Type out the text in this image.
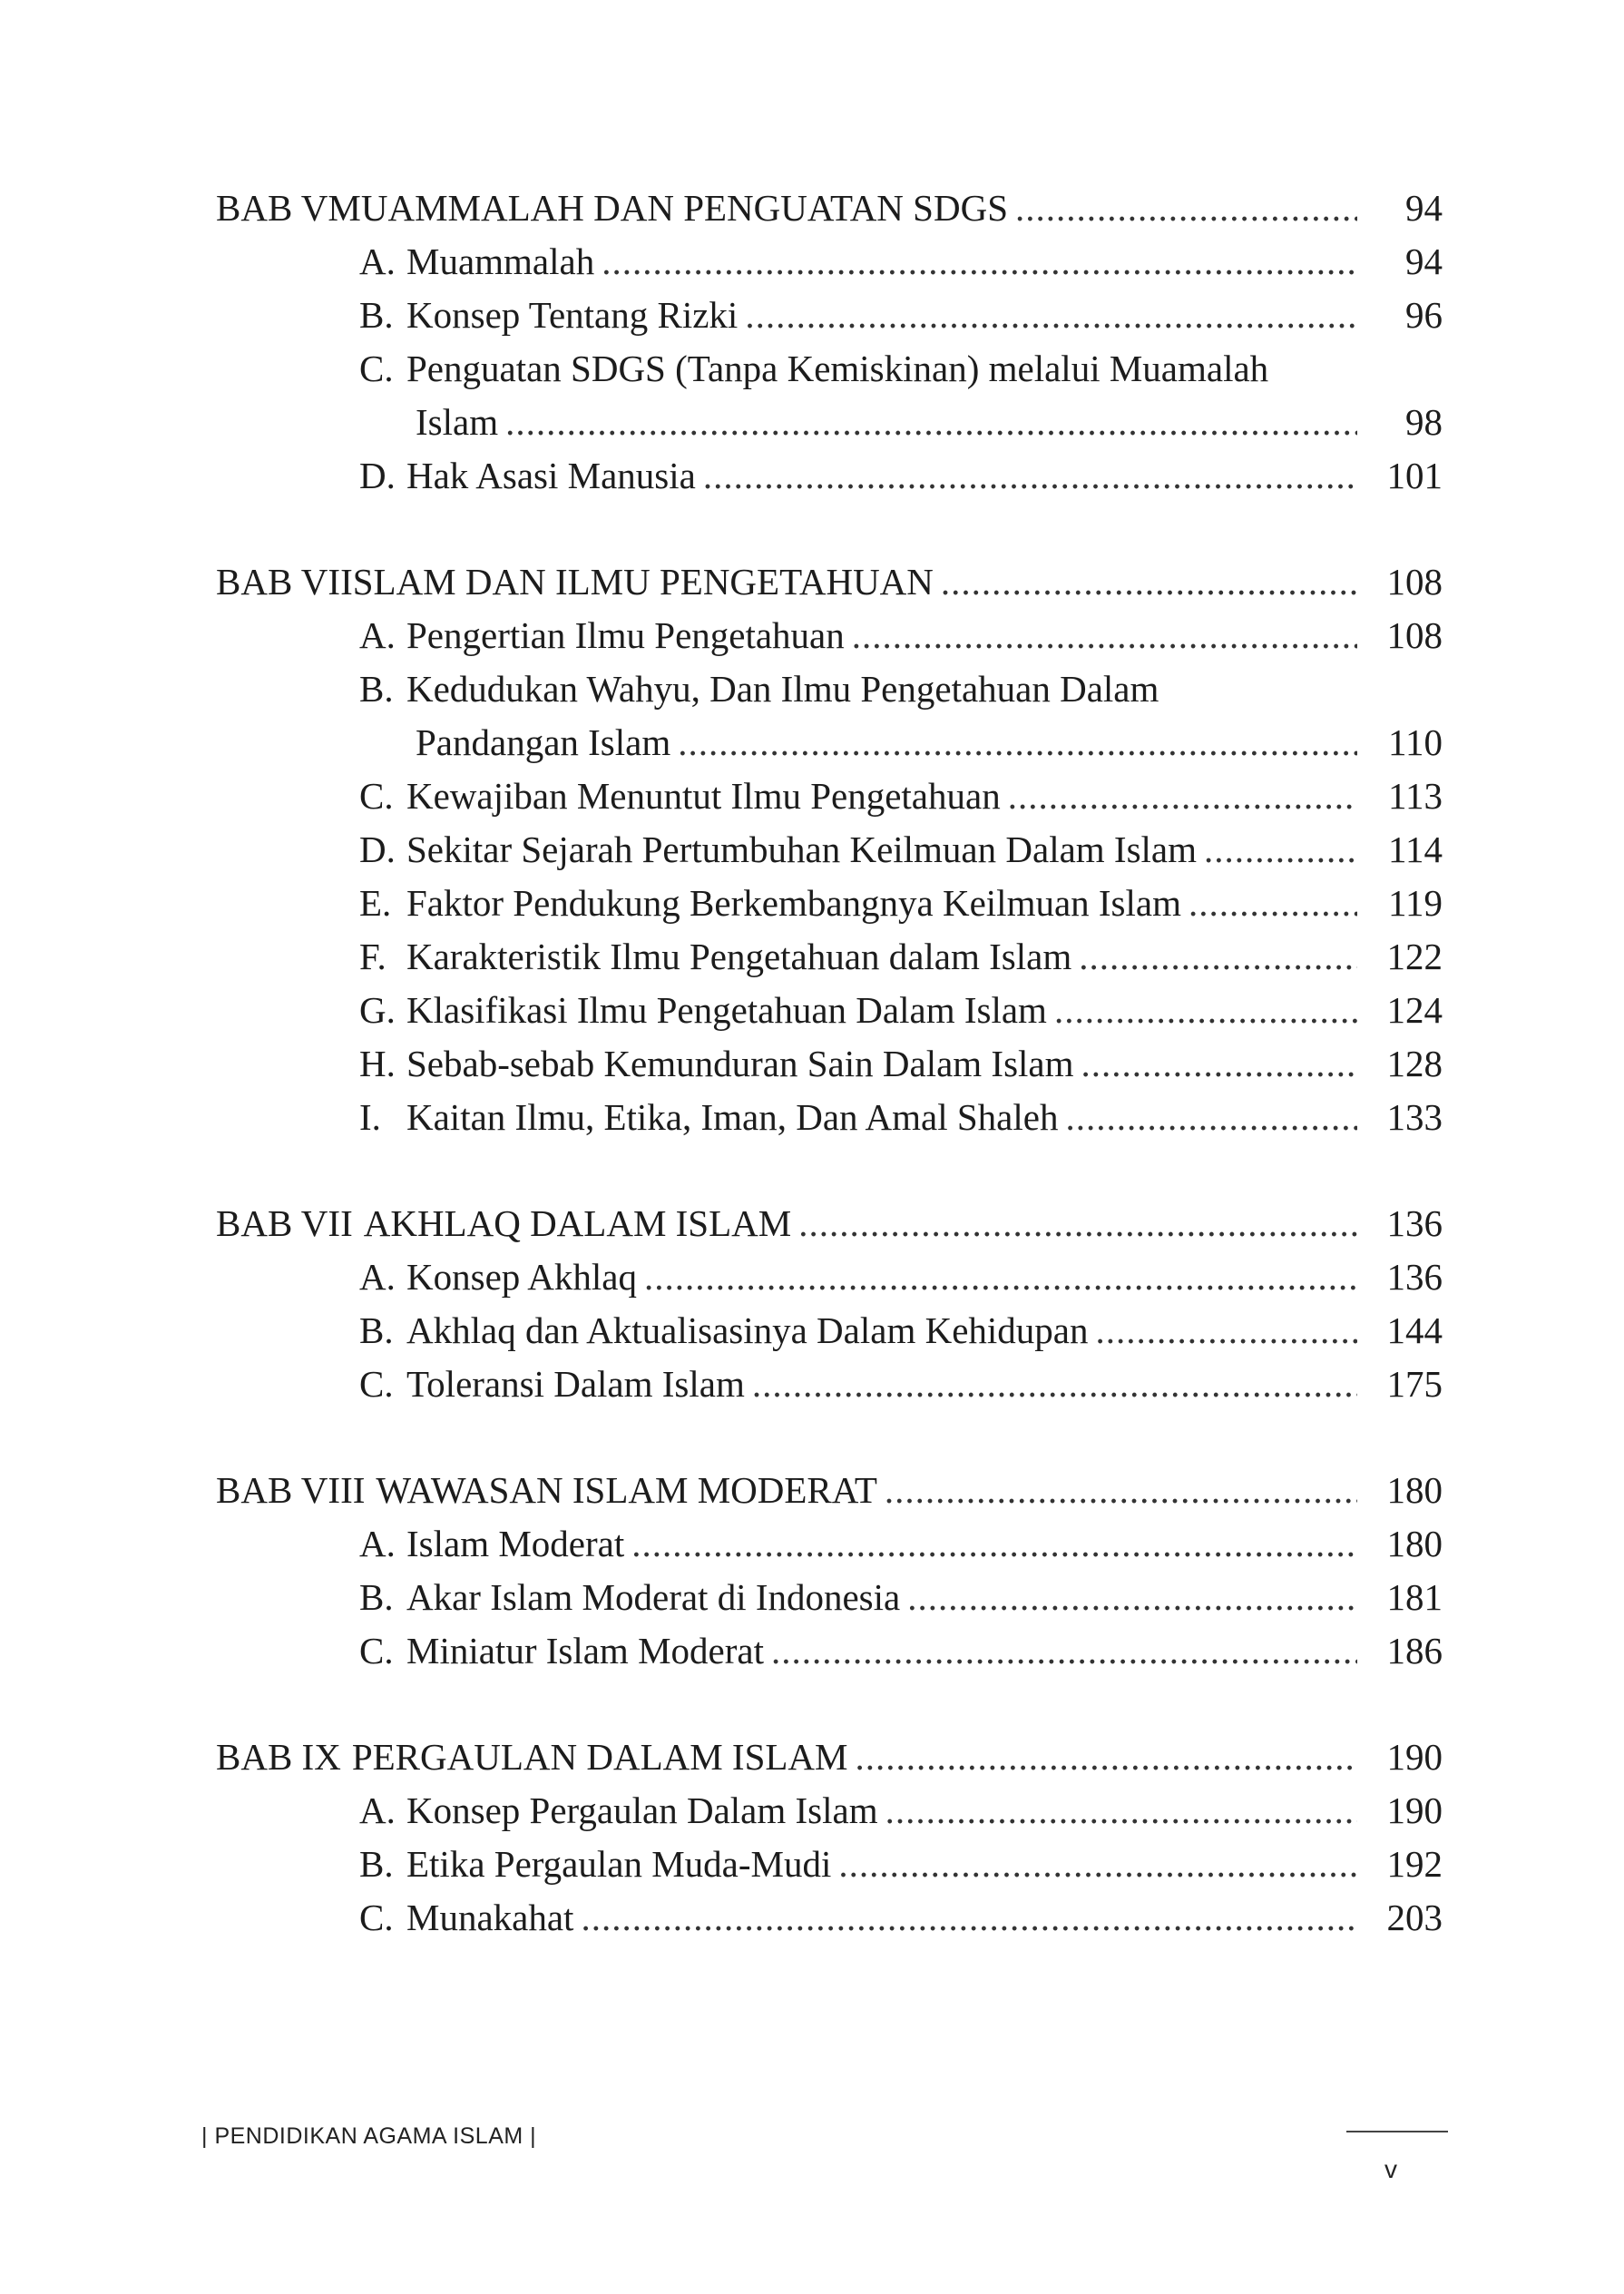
BAB V MUAMMALAH DAN PENGUATAN SDGS .....	94
A. Muammalah .....	94
B. Konsep Tentang Rizki .....	96
C. Penguatan SDGS (Tanpa Kemiskinan) melalui Muamalah
Islam .....	98
D. Hak Asasi Manusia .....	101
BAB VI ISLAM DAN ILMU PENGETAHUAN .....	108
A. Pengertian Ilmu Pengetahuan .....	108
B. Kedudukan Wahyu, Dan Ilmu Pengetahuan Dalam
Pandangan Islam .....	110
C. Kewajiban Menuntut Ilmu Pengetahuan .....	113
D. Sekitar Sejarah Pertumbuhan Keilmuan Dalam Islam .....	114
E. Faktor Pendukung Berkembangnya Keilmuan Islam .....	119
F. Karakteristik Ilmu Pengetahuan dalam Islam .....	122
G. Klasifikasi Ilmu Pengetahuan Dalam Islam .....	124
H. Sebab-sebab Kemunduran Sain Dalam Islam .....	128
I. Kaitan Ilmu, Etika, Iman, Dan Amal Shaleh .....	133
BAB VII AKHLAQ DALAM ISLAM .....	136
A. Konsep Akhlaq .....	136
B. Akhlaq dan Aktualisasinya Dalam Kehidupan .....	144
C. Toleransi Dalam Islam .....	175
BAB VIII WAWASAN ISLAM MODERAT .....	180
A. Islam Moderat .....	180
B. Akar Islam Moderat di Indonesia .....	181
C. Miniatur Islam Moderat .....	186
BAB IX PERGAULAN DALAM ISLAM .....	190
A. Konsep Pergaulan Dalam Islam .....	190
B. Etika Pergaulan Muda-Mudi .....	192
C. Munakahat .....	203
| PENDIDIKAN AGAMA ISLAM |
v
